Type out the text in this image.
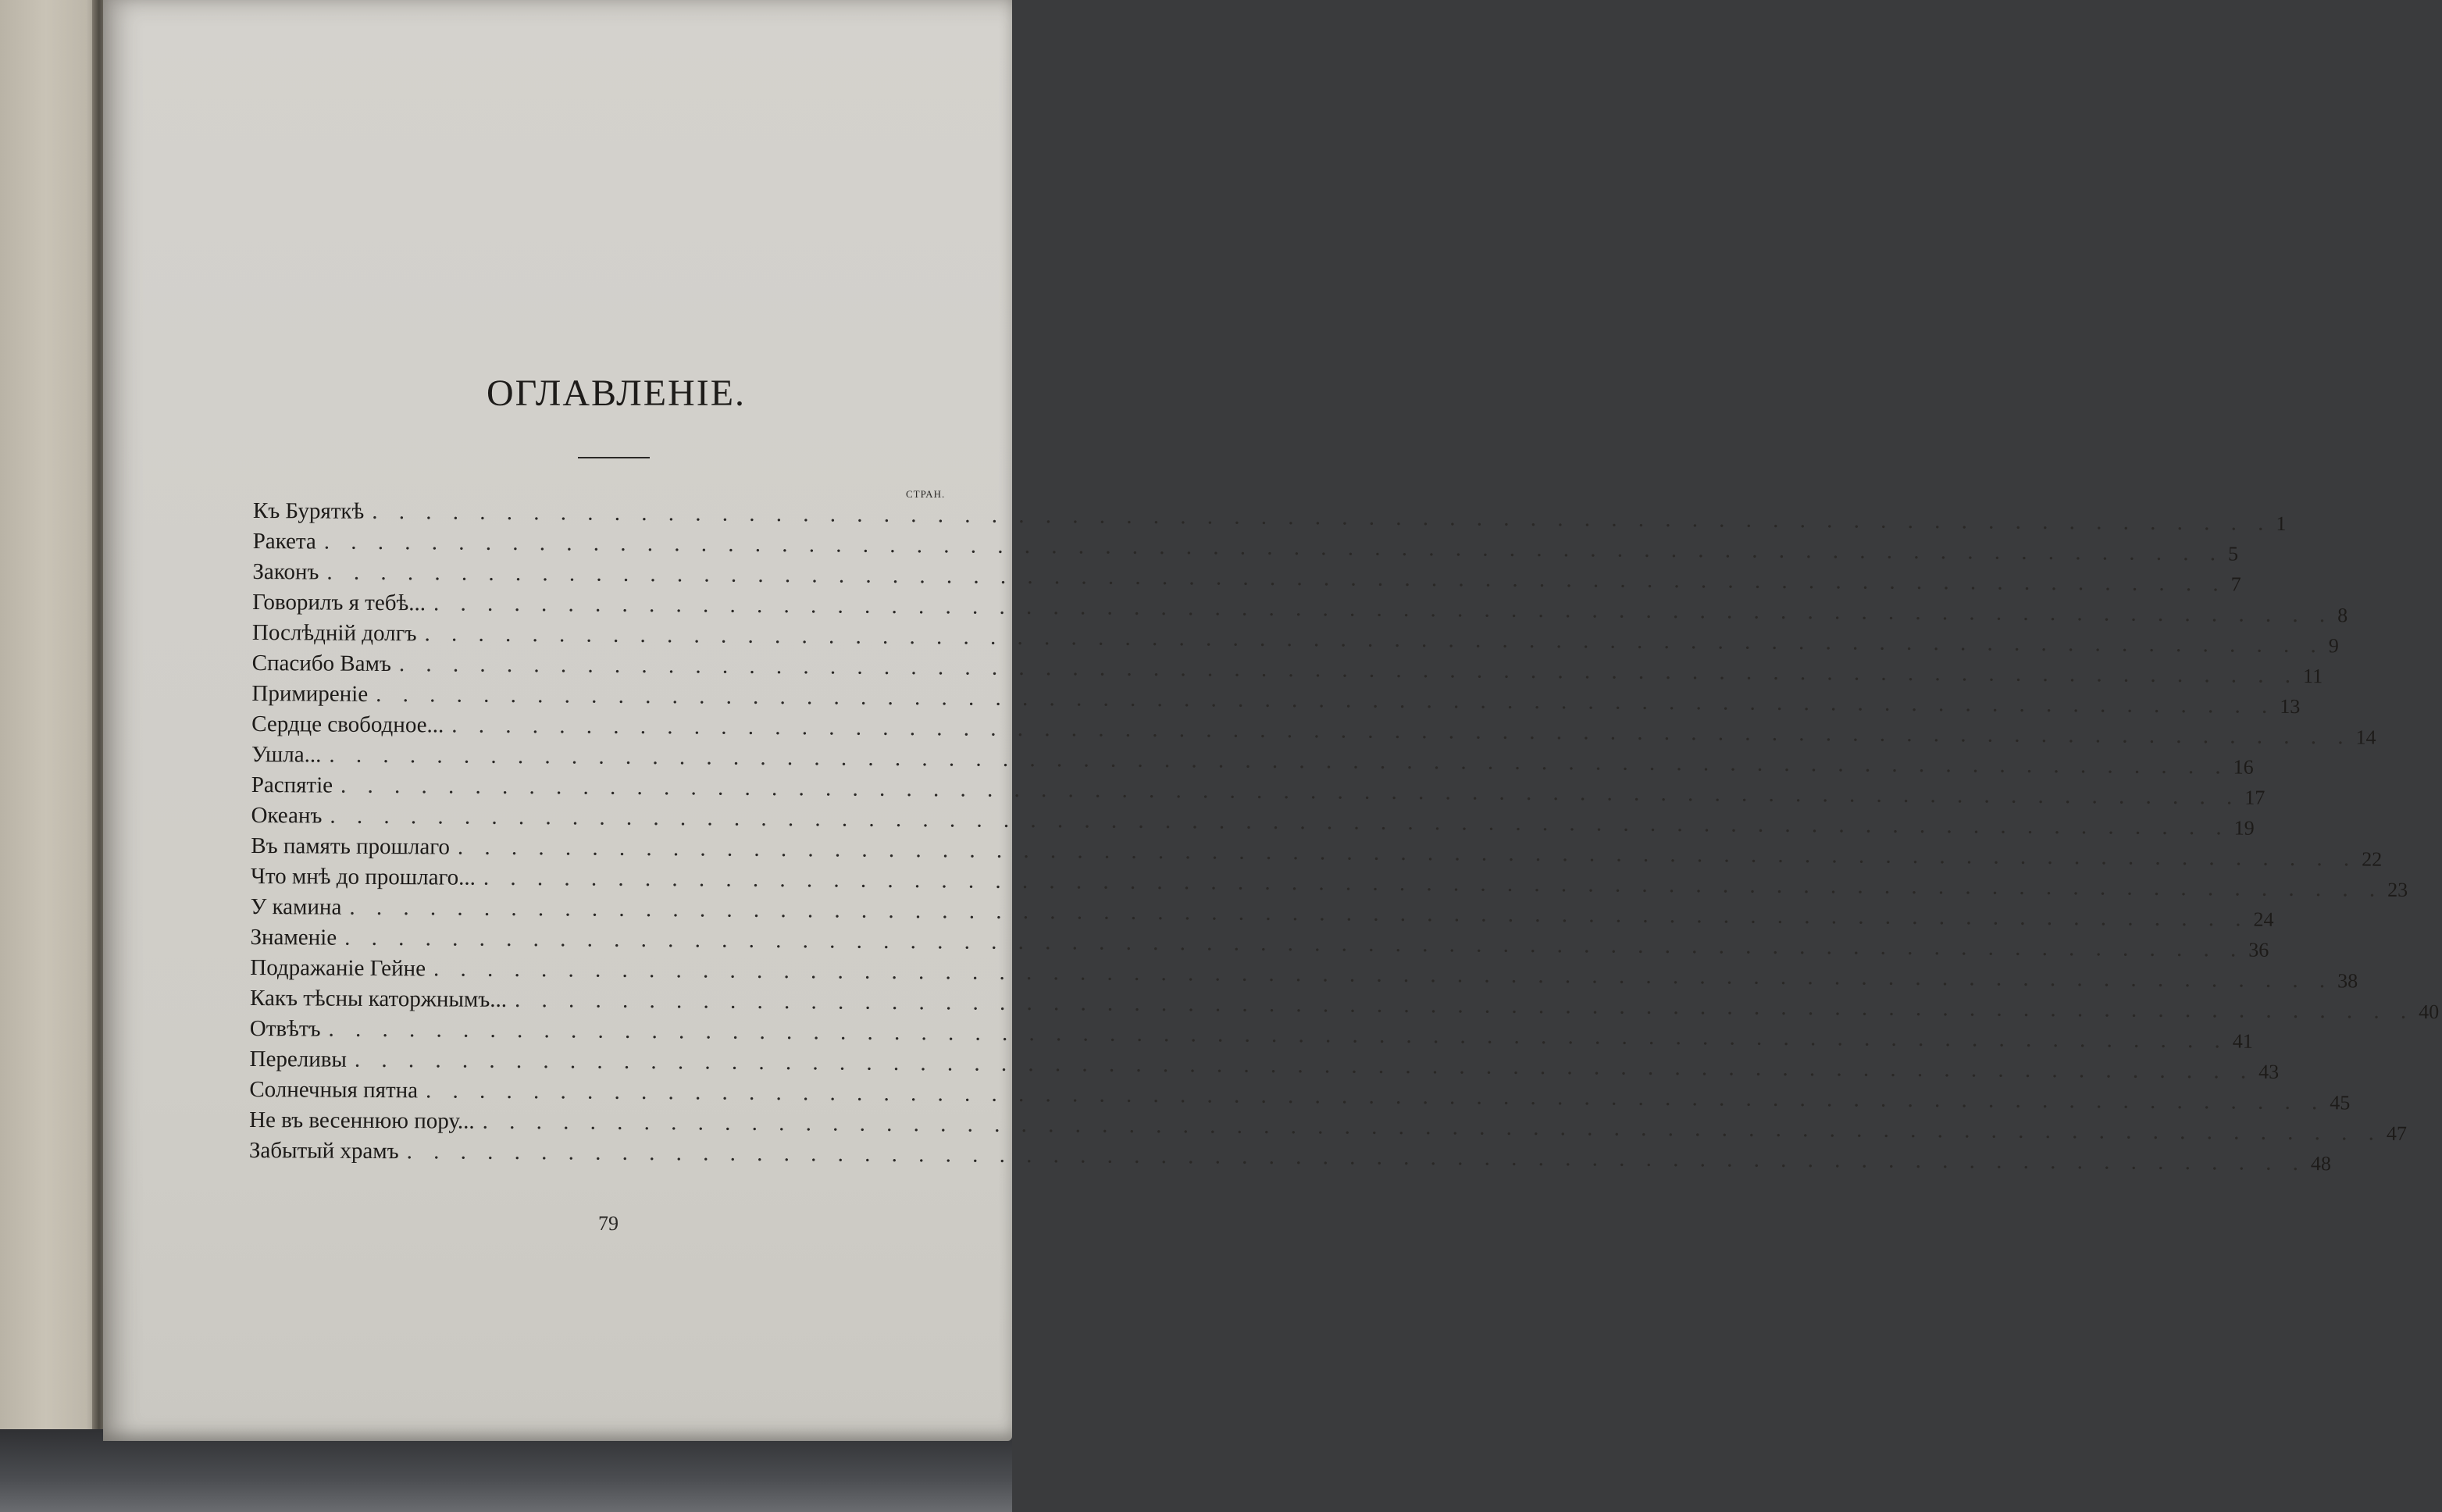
ОГЛАВЛЕНІЕ.
СТРАН.
Къ Буряткѣ . . .	1
Ракета . . .	5
Законъ . . .	7
Говорилъ я тебѣ... . . .	8
Послѣдній долгъ . . .	9
Спасибо Вамъ . . .	11
Примиреніе . . .	13
Сердце свободное... . . .	14
Ушла... . . .	16
Распятіе . . .	17
Океанъ . . .	19
Въ память прошлаго . . .	22
Что мнѣ до прошлаго... . . .	23
У камина . . .	24
Знаменіе . . .	36
Подражаніе Гейне . . .	38
Какъ тѣсны каторжнымъ... . . .	40
Отвѣтъ . . .	41
Переливы . . .	43
Солнечныя пятна . . .	45
Не въ весеннюю пору... . . .	47
Забытый храмъ . . .	48
79
